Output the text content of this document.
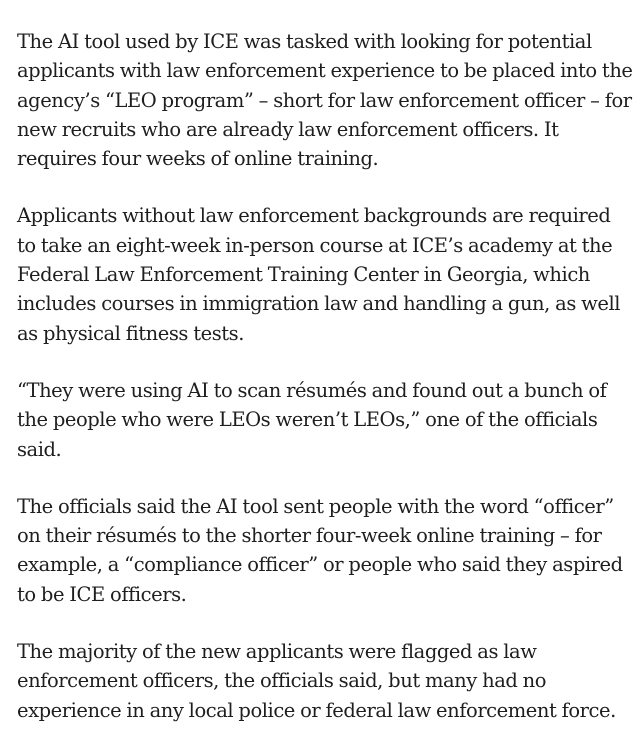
The AI tool used by ICE was tasked with looking for potential applicants with law enforcement experience to be placed into the agency’s “LEO program” – short for law enforcement officer – for new recruits who are already law enforcement officers. It requires four weeks of online training.

Applicants without law enforcement backgrounds are required to take an eight-week in-person course at ICE’s academy at the Federal Law Enforcement Training Center in Georgia, which includes courses in immigration law and handling a gun, as well as physical fitness tests.

“They were using AI to scan résumés and found out a bunch of the people who were LEOs weren’t LEOs,” one of the officials said.

The officials said the AI tool sent people with the word “officer” on their résumés to the shorter four-week online training – for example, a “compliance officer” or people who said they aspired to be ICE officers.

The majority of the new applicants were flagged as law enforcement officers, the officials said, but many had no experience in any local police or federal law enforcement force.
